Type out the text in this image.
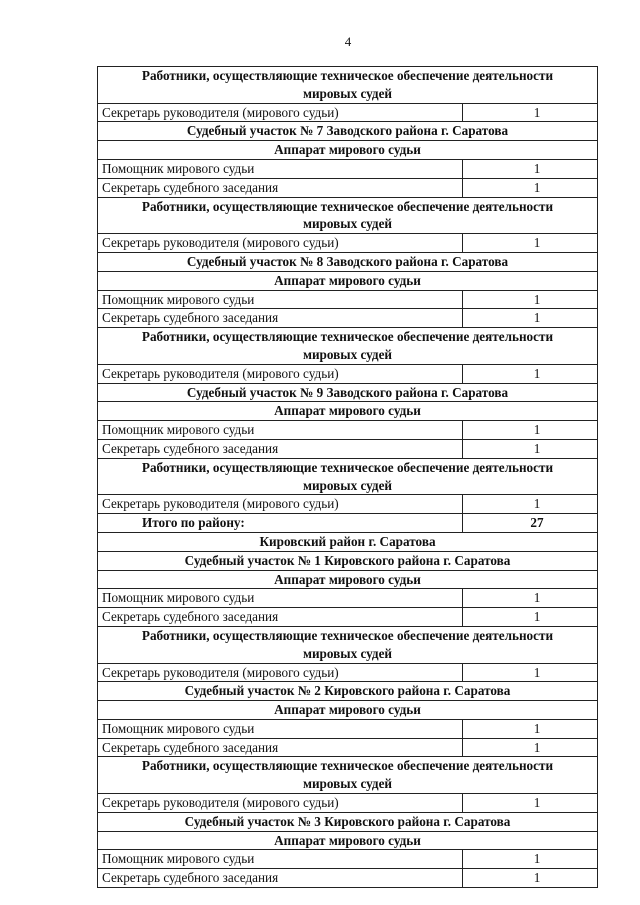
4
Работники, осуществляющие техническое обеспечение деятельности мировых судей	
Секретарь руководителя (мирового судьи)	1
Судебный участок № 7 Заводского района г. Саратова	
Аппарат мирового судьи	
Помощник мирового судьи	1
Секретарь судебного заседания	1
Работники, осуществляющие техническое обеспечение деятельности мировых судей	
Секретарь руководителя (мирового судьи)	1
Судебный участок № 8 Заводского района г. Саратова	
Аппарат мирового судьи	
Помощник мирового судьи	1
Секретарь судебного заседания	1
Работники, осуществляющие техническое обеспечение деятельности мировых судей	
Секретарь руководителя (мирового судьи)	1
Судебный участок № 9 Заводского района г. Саратова	
Аппарат мирового судьи	
Помощник мирового судьи	1
Секретарь судебного заседания	1
Работники, осуществляющие техническое обеспечение деятельности мировых судей	
Секретарь руководителя (мирового судьи)	1
Итого по району:	27
Кировский район г. Саратова	
Судебный участок № 1 Кировского района г. Саратова	
Аппарат мирового судьи	
Помощник мирового судьи	1
Секретарь судебного заседания	1
Работники, осуществляющие техническое обеспечение деятельности мировых судей	
Секретарь руководителя (мирового судьи)	1
Судебный участок № 2 Кировского района г. Саратова	
Аппарат мирового судьи	
Помощник мирового судьи	1
Секретарь судебного заседания	1
Работники, осуществляющие техническое обеспечение деятельности мировых судей	
Секретарь руководителя (мирового судьи)	1
Судебный участок № 3 Кировского района г. Саратова	
Аппарат мирового судьи	
Помощник мирового судьи	1
Секретарь судебного заседания	1
